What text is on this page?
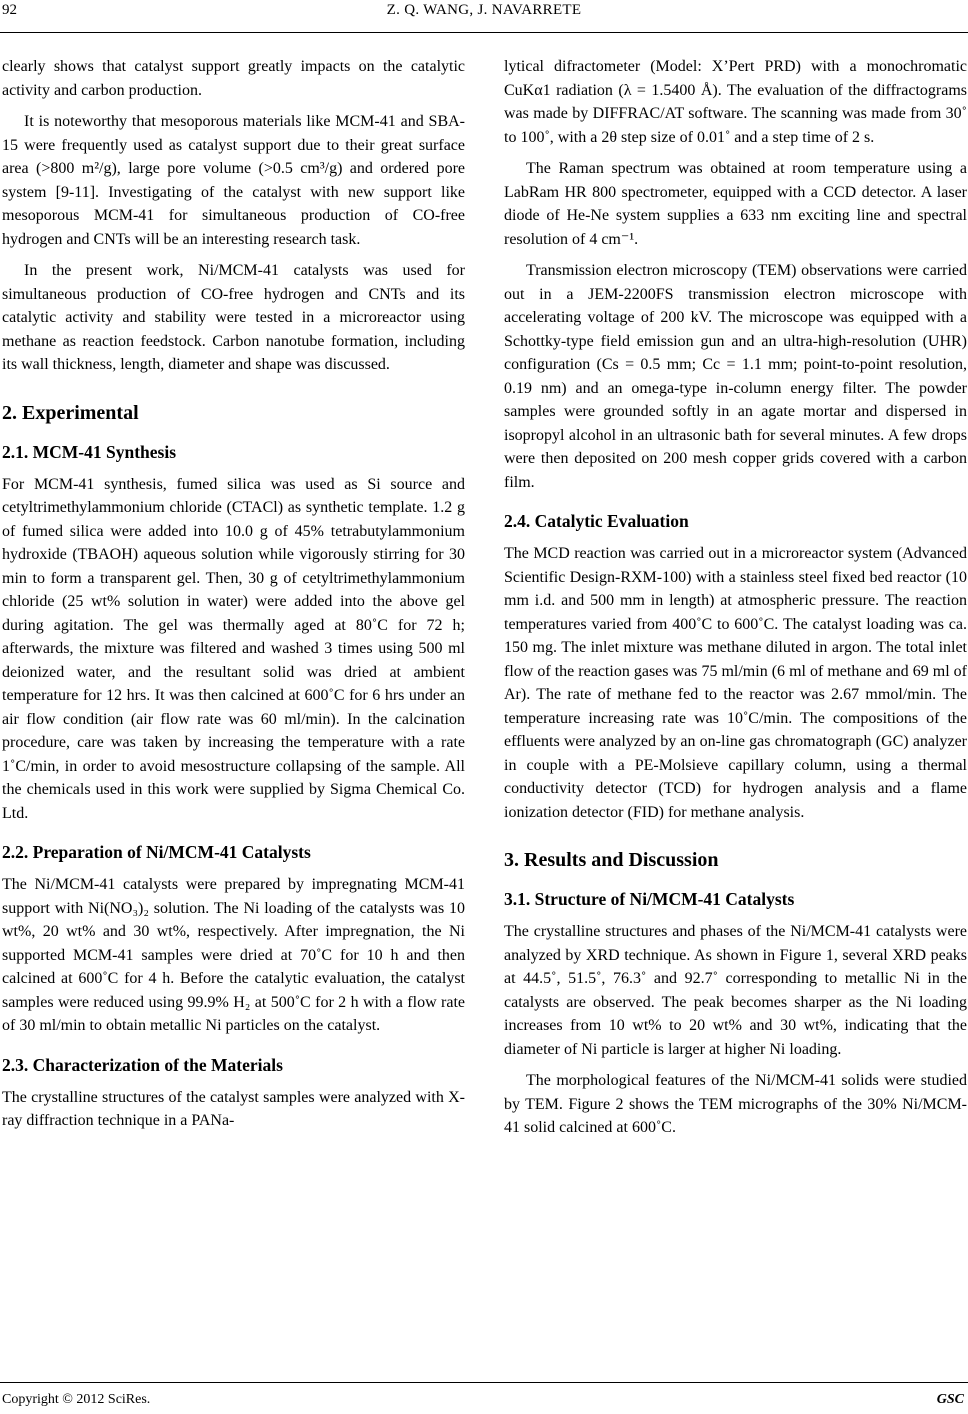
92	Z. Q. WANG, J. NAVARRETE

clearly shows that catalyst support greatly impacts on the catalytic activity and carbon production.

It is noteworthy that mesoporous materials like MCM-41 and SBA-15 were frequently used as catalyst support due to their great surface area (>800 m²/g), large pore volume (>0.5 cm³/g) and ordered pore system [9-11]. Investigating of the catalyst with new support like mesoporous MCM-41 for simultaneous production of CO-free hydrogen and CNTs will be an interesting research task.

In the present work, Ni/MCM-41 catalysts was used for simultaneous production of CO-free hydrogen and CNTs and its catalytic activity and stability were tested in a microreactor using methane as reaction feedstock. Carbon nanotube formation, including its wall thickness, length, diameter and shape was discussed.

2. Experimental
2.1. MCM-41 Synthesis

For MCM-41 synthesis, fumed silica was used as Si source and cetyltrimethylammonium chloride (CTACl) as synthetic template. 1.2 g of fumed silica were added into 10.0 g of 45% tetrabutylammonium hydroxide (TBAOH) aqueous solution while vigorously stirring for 30 min to form a transparent gel. Then, 30 g of cetyltrimethylammonium chloride (25 wt% solution in water) were added into the above gel during agitation. The gel was thermally aged at 80˚C for 72 h; afterwards, the mixture was filtered and washed 3 times using 500 ml deionized water, and the resultant solid was dried at ambient temperature for 12 hrs. It was then calcined at 600˚C for 6 hrs under an air flow condition (air flow rate was 60 ml/min). In the calcination procedure, care was taken by increasing the temperature with a rate 1˚C/min, in order to avoid mesostructure collapsing of the sample. All the chemicals used in this work were supplied by Sigma Chemical Co. Ltd.

2.2. Preparation of Ni/MCM-41 Catalysts

The Ni/MCM-41 catalysts were prepared by impregnating MCM-41 support with Ni(NO₃)₂ solution. The Ni loading of the catalysts was 10 wt%, 20 wt% and 30 wt%, respectively. After impregnation, the Ni supported MCM-41 samples were dried at 70˚C for 10 h and then calcined at 600˚C for 4 h. Before the catalytic evaluation, the catalyst samples were reduced using 99.9% H₂ at 500˚C for 2 h with a flow rate of 30 ml/min to obtain metallic Ni particles on the catalyst.

2.3. Characterization of the Materials

The crystalline structures of the catalyst samples were analyzed with X-ray diffraction technique in a PANa-

lytical difractometer (Model: X’Pert PRD) with a monochromatic CuKα1 radiation (λ = 1.5400 Å). The evaluation of the diffractograms was made by DIFFRAC/AT software. The scanning was made from 30˚ to 100˚, with a 2θ step size of 0.01˚ and a step time of 2 s.

The Raman spectrum was obtained at room temperature using a LabRam HR 800 spectrometer, equipped with a CCD detector. A laser diode of He-Ne system supplies a 633 nm exciting line and spectral resolution of 4 cm⁻¹.

Transmission electron microscopy (TEM) observations were carried out in a JEM-2200FS transmission electron microscope with accelerating voltage of 200 kV. The microscope was equipped with a Schottky-type field emission gun and an ultra-high-resolution (UHR) configuration (Cs = 0.5 mm; Cc = 1.1 mm; point-to-point resolution, 0.19 nm) and an omega-type in-column energy filter. The powder samples were grounded softly in an agate mortar and dispersed in isopropyl alcohol in an ultrasonic bath for several minutes. A few drops were then deposited on 200 mesh copper grids covered with a carbon film.

2.4. Catalytic Evaluation

The MCD reaction was carried out in a microreactor system (Advanced Scientific Design-RXM-100) with a stainless steel fixed bed reactor (10 mm i.d. and 500 mm in length) at atmospheric pressure. The reaction temperatures varied from 400˚C to 600˚C. The catalyst loading was ca. 150 mg. The inlet mixture was methane diluted in argon. The total inlet flow of the reaction gases was 75 ml/min (6 ml of methane and 69 ml of Ar). The rate of methane fed to the reactor was 2.67 mmol/min. The temperature increasing rate was 10˚C/min. The compositions of the effluents were analyzed by an on-line gas chromatograph (GC) analyzer in couple with a PE-Molsieve capillary column, using a thermal conductivity detector (TCD) for hydrogen analysis and a flame ionization detector (FID) for methane analysis.

3. Results and Discussion
3.1. Structure of Ni/MCM-41 Catalysts

The crystalline structures and phases of the Ni/MCM-41 catalysts were analyzed by XRD technique. As shown in Figure 1, several XRD peaks at 44.5˚, 51.5˚, 76.3˚ and 92.7˚ corresponding to metallic Ni in the catalysts are observed. The peak becomes sharper as the Ni loading increases from 10 wt% to 20 wt% and 30 wt%, indicating that the diameter of Ni particle is larger at higher Ni loading.

The morphological features of the Ni/MCM-41 solids were studied by TEM. Figure 2 shows the TEM micrographs of the 30% Ni/MCM-41 solid calcined at 600˚C.

Copyright © 2012 SciRes.	GSC
